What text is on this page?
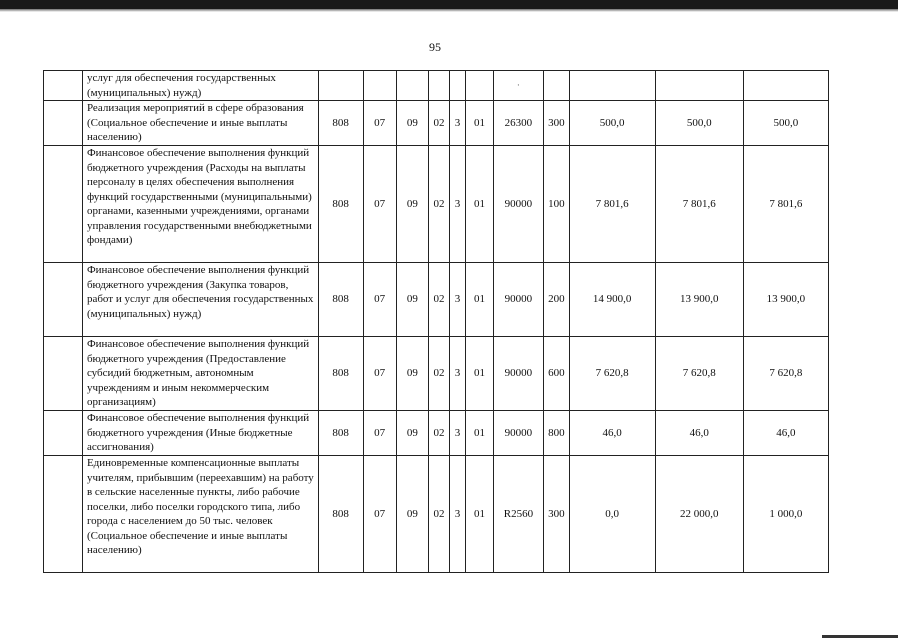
95
	услуг для обеспечения государственных (муниципальных) нужд)							·				
	Реализация мероприятий в сфере образования (Социальное обеспечение и иные выплаты населению)	808	07	09	02	3	01	26300	300	500,0	500,0	500,0
	Финансовое обеспечение выполнения функций бюджетного учреждения (Расходы на выплаты персоналу в целях обеспечения выполнения функций государственными (муниципальными) органами, казенными учреждениями, органами управления государственными внебюджетными фондами)	808	07	09	02	3	01	90000	100	7 801,6	7 801,6	7 801,6
	Финансовое обеспечение выполнения функций бюджетного учреждения (Закупка товаров, работ и услуг для обеспечения государственных (муниципальных) нужд)	808	07	09	02	3	01	90000	200	14 900,0	13 900,0	13 900,0
	Финансовое обеспечение выполнения функций бюджетного учреждения (Предоставление субсидий бюджетным, автономным учреждениям и иным некоммерческим организациям)	808	07	09	02	3	01	90000	600	7 620,8	7 620,8	7 620,8
	Финансовое обеспечение выполнения функций бюджетного учреждения (Иные бюджетные ассигнования)	808	07	09	02	3	01	90000	800	46,0	46,0	46,0
	Единовременные компенсационные выплаты учителям, прибывшим (переехавшим) на работу в сельские населенные пункты, либо рабочие поселки, либо поселки городского типа, либо города с населением до 50 тыс. человек (Социальное обеспечение и иные выплаты населению)	808	07	09	02	3	01	R2560	300	0,0	22 000,0	1 000,0
